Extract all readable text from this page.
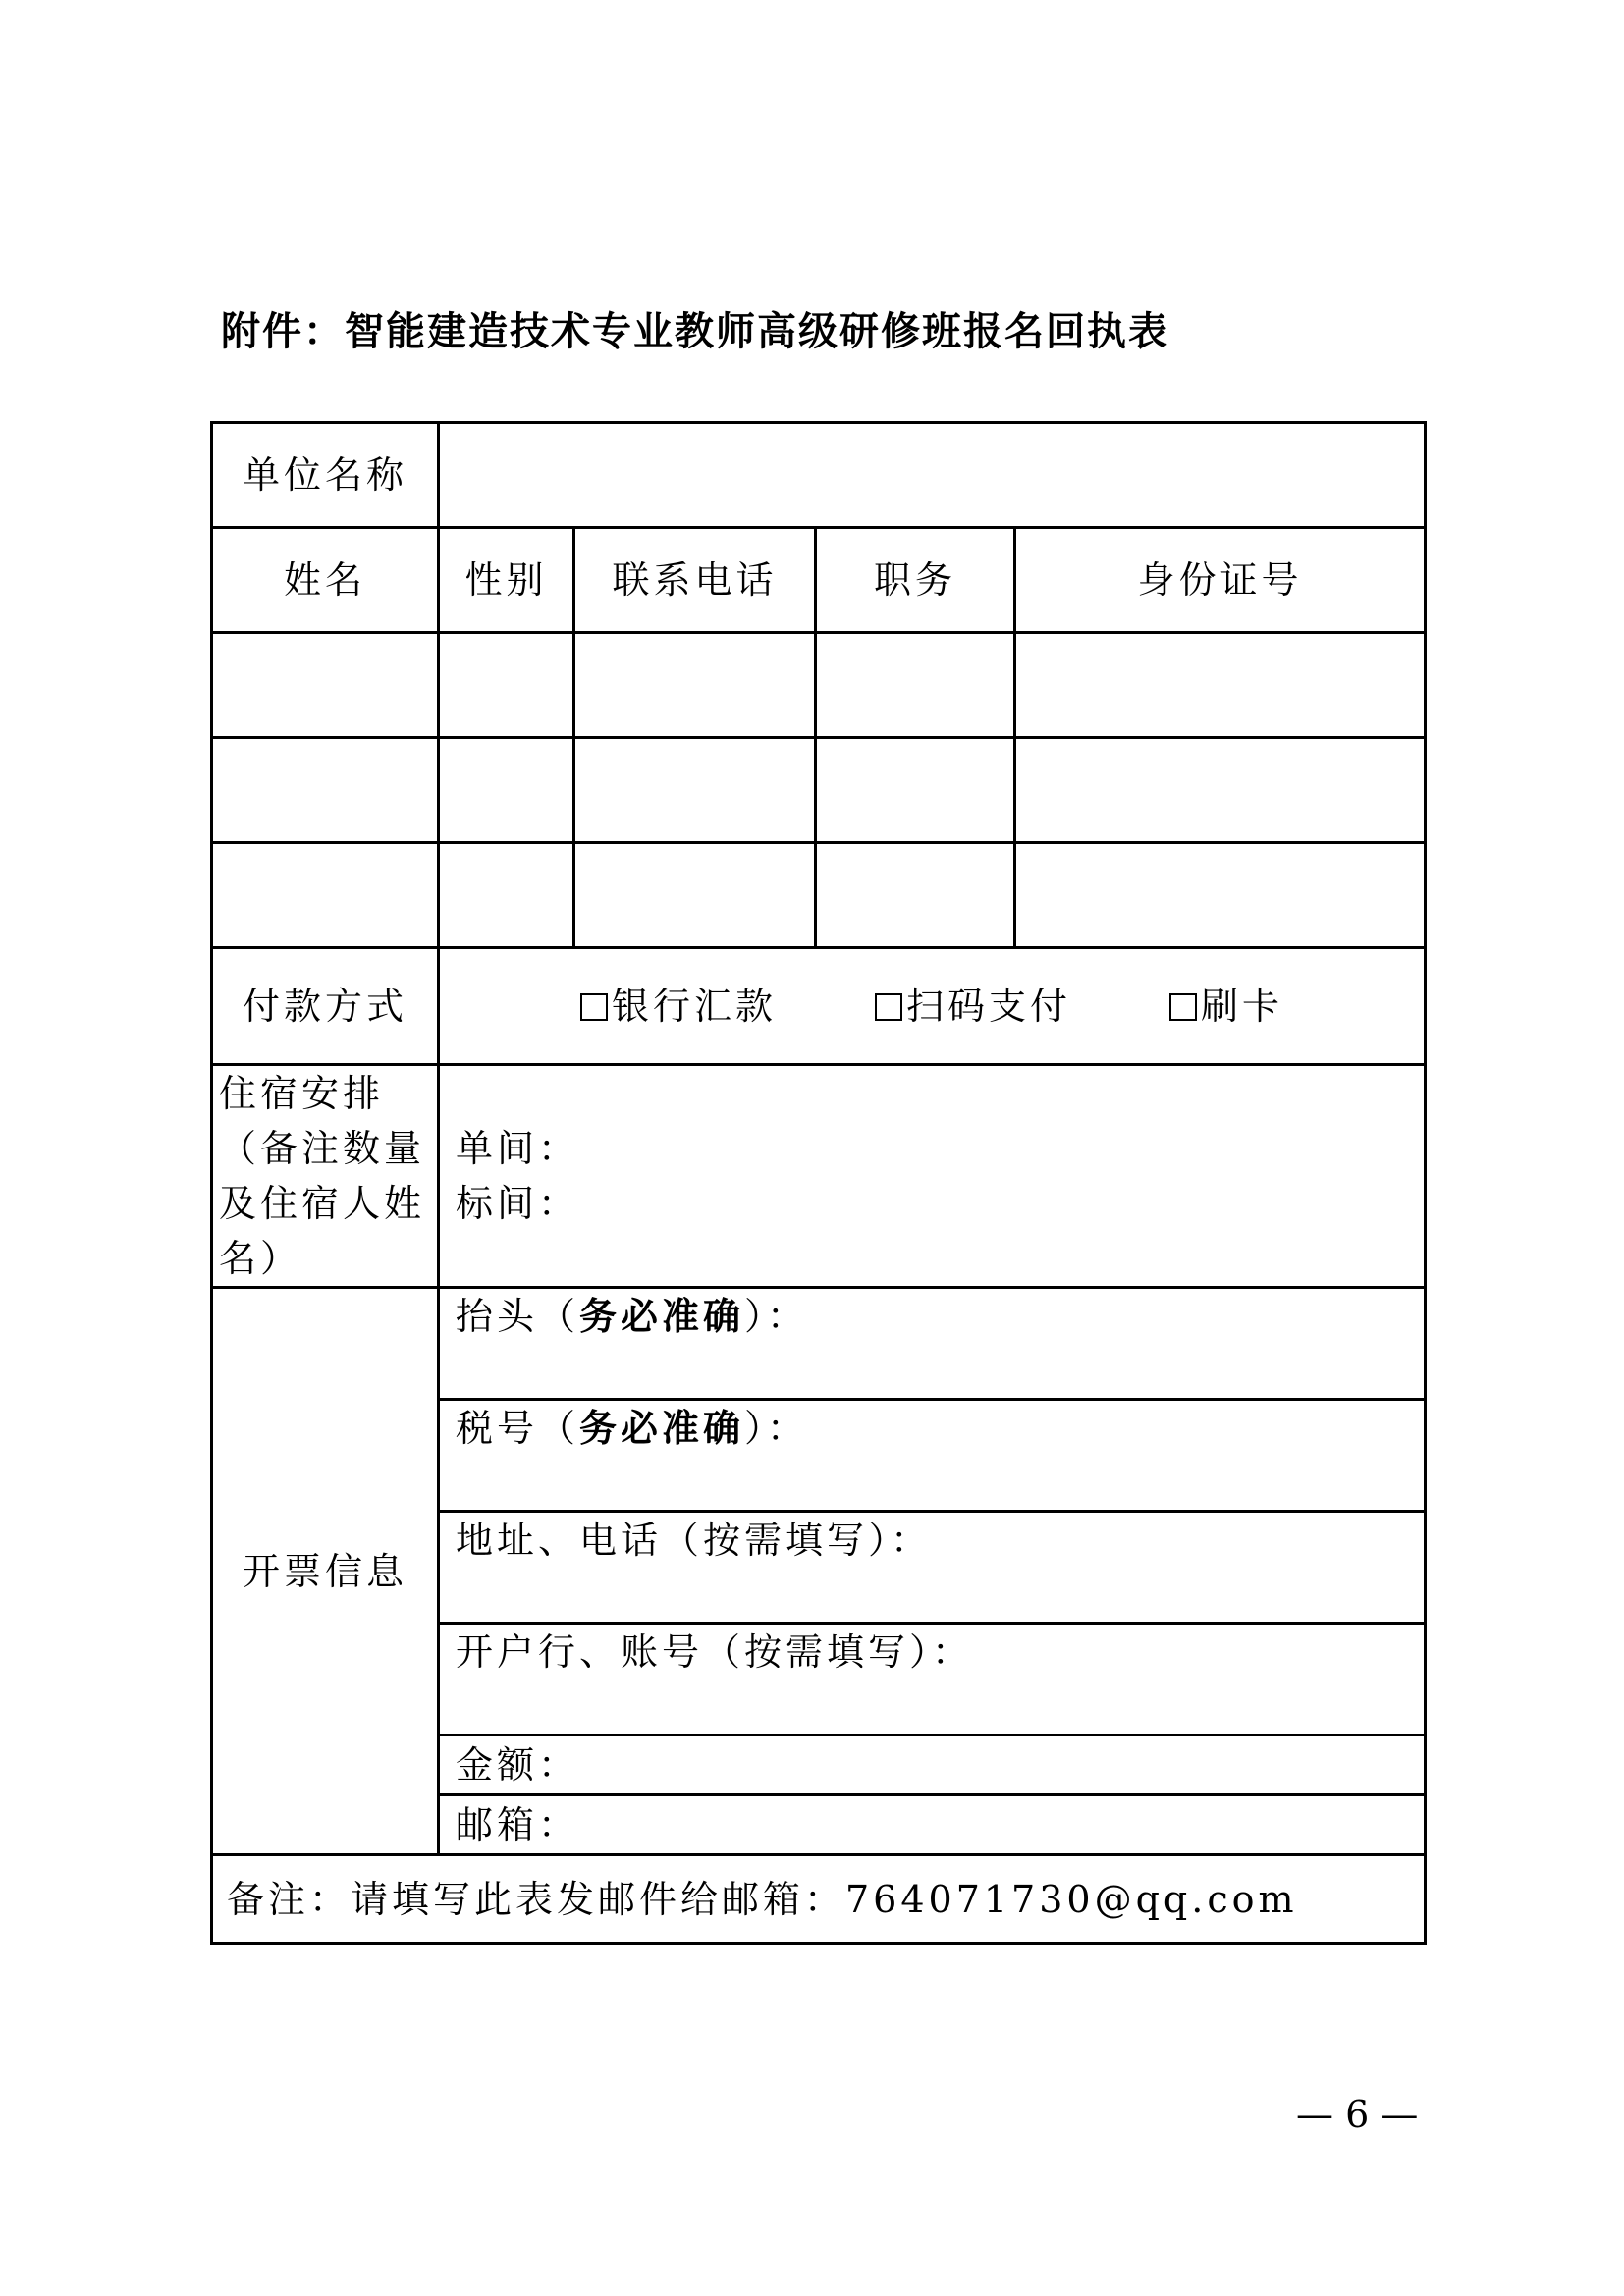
附件：智能建造技术专业教师高级研修班报名回执表
单位名称				
姓名	性别	联系电话	职务	身份证号

付款方式	银行汇款 扫码支付 刷卡			
住宿安排（备注数量及住宿人姓名）	单间：
标间：			

开票信息	抬头（务必准确）：			
	税号（务必准确）：			
	地址、电话（按需填写）：			
	开户行、账号（按需填写）：			
	金额：			
	邮箱：			
备注：请填写此表发邮件给邮箱：764071730@qq.com				
— 6 —
